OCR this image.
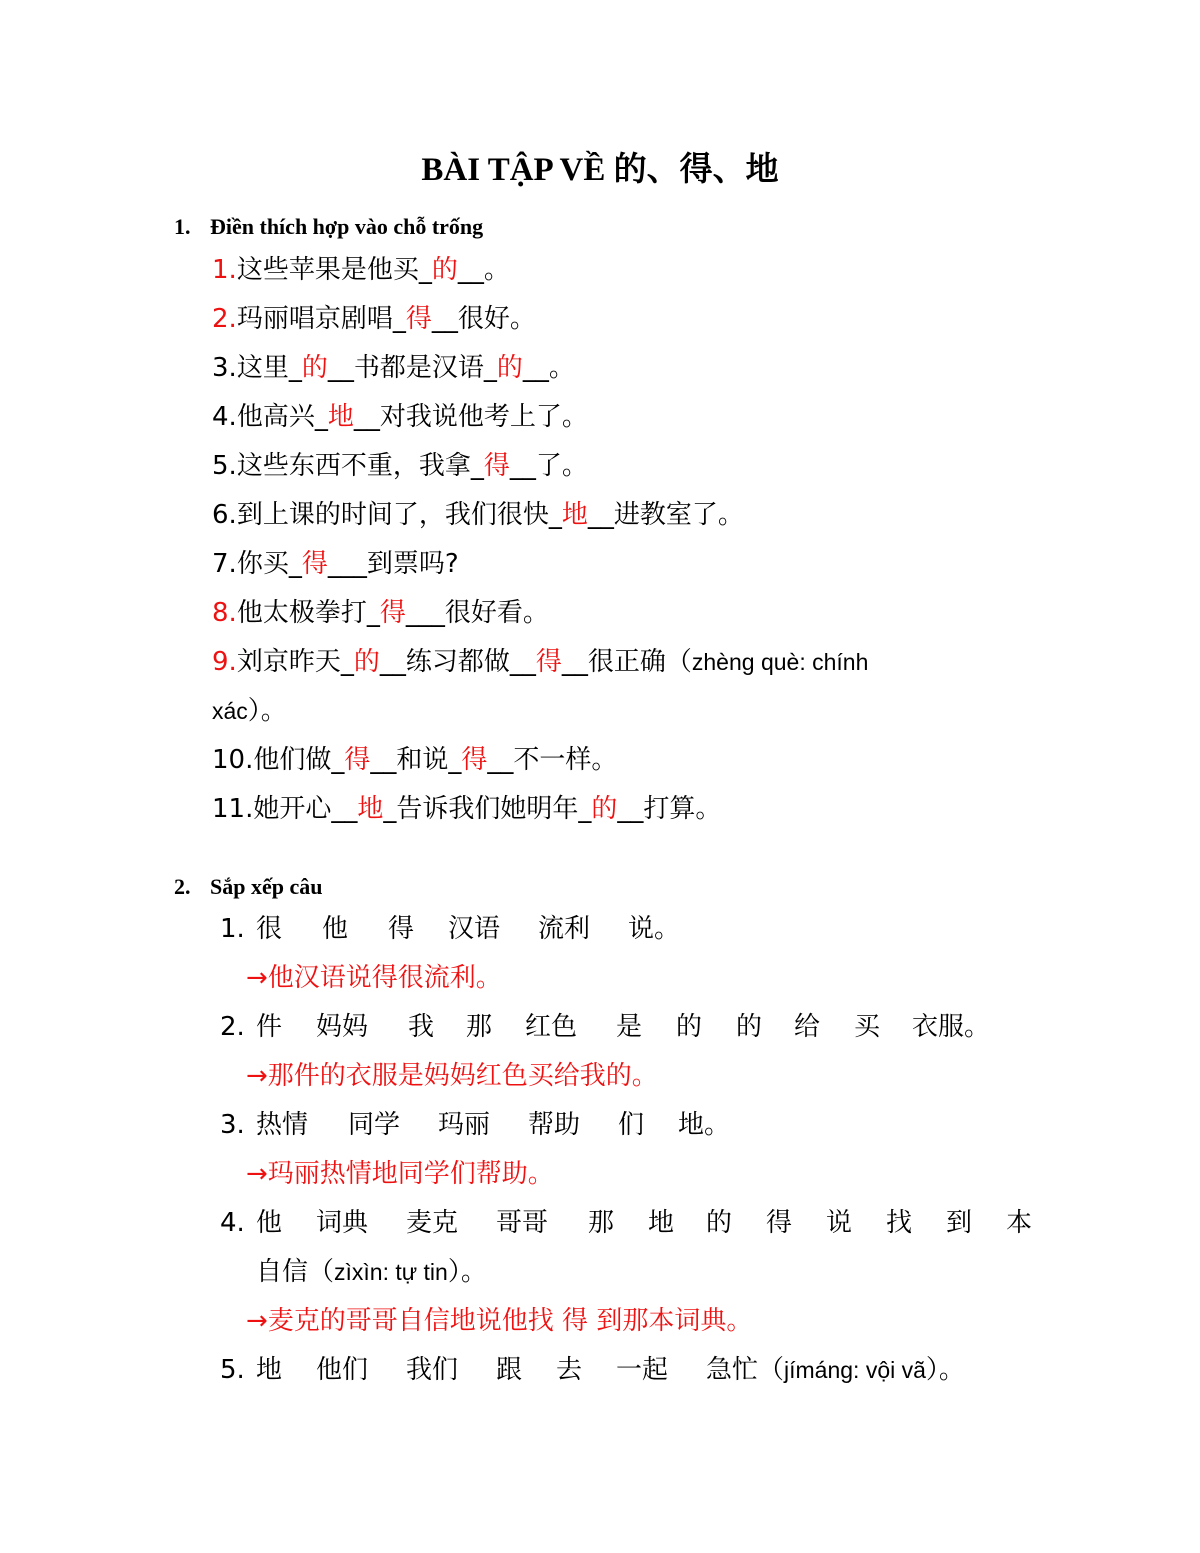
BÀI TẬP VỀ 的、得、地
1. Điền thích hợp vào chỗ trống
1.这些苹果是他买_的__。
2.玛丽唱京剧唱_得__很好。
3.这里_的__书都是汉语_的__。
4.他高兴_地__对我说他考上了。
5.这些东西不重，我拿_得__了。
6.到上课的时间了，我们很快_地__进教室了。
7.你买_得___到票吗?
8.他太极拳打_得___很好看。
9.刘京昨天_的__练习都做__得__很正确（zhèng què: chính
xác）。
10.他们做_得__和说_得__不一样。
11.她开心__地_告诉我们她明年_的__打算。
2. Sắp xếp câu
1. 很 他 得 汉语 流利 说。
→他汉语说得很流利。
2. 件 妈妈 我 那 红色 是 的 的 给 买 衣服。
→那件的衣服是妈妈红色买给我的。
3. 热情 同学 玛丽 帮助 们 地。
→玛丽热情地同学们帮助。
4. 他 词典 麦克 哥哥 那 地 的 得 说 找 到 本
自信（zìxìn: tự tin）。
→麦克的哥哥自信地说他找 得 到那本词典。
5. 地 他们 我们 跟 去 一起 急忙（jímáng: vội vã）。
